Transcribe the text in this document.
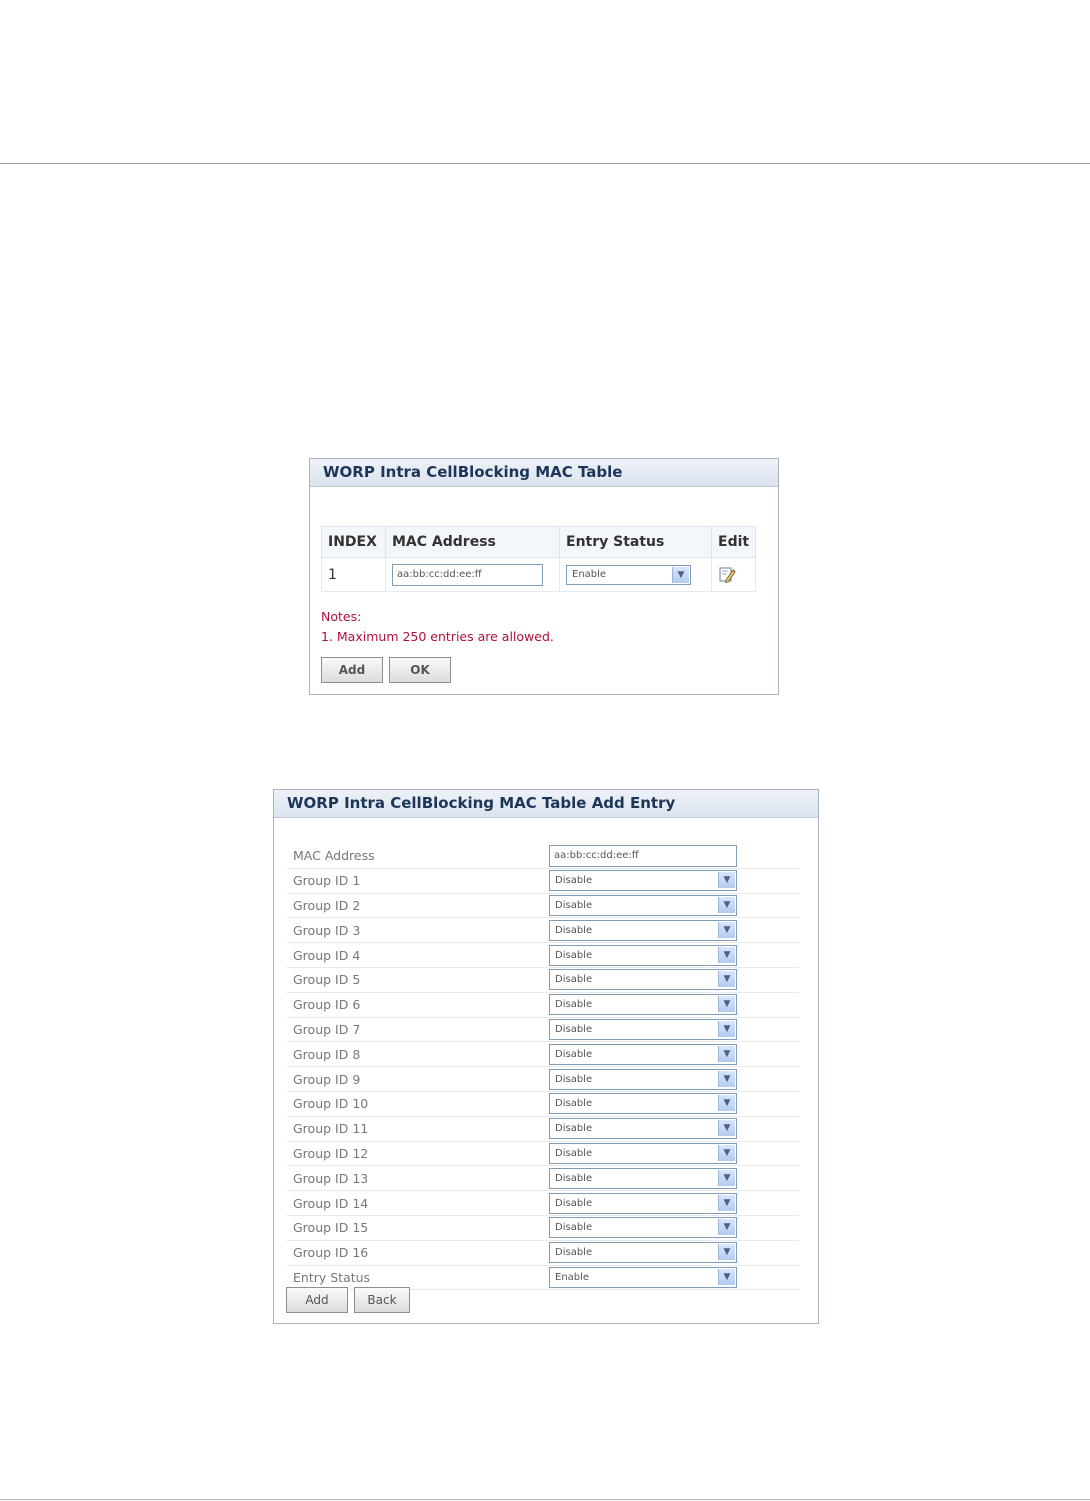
WORP Intra CellBlocking MAC Table
INDEX	MAC Address	Entry Status	Edit
1	aa:bb:cc:dd:ee:ff	Enable ▼

Notes:
1. Maximum 250 entries are allowed.
Add	OK
WORP Intra CellBlocking MAC Table Add Entry
MAC Address	aa:bb:cc:dd:ee:ff

Group ID 1	Disable ▼

Group ID 2	Disable ▼

Group ID 3	Disable ▼

Group ID 4	Disable ▼

Group ID 5	Disable ▼

Group ID 6	Disable ▼

Group ID 7	Disable ▼

Group ID 8	Disable ▼

Group ID 9	Disable ▼

Group ID 10	Disable ▼

Group ID 11	Disable ▼

Group ID 12	Disable ▼

Group ID 13	Disable ▼

Group ID 14	Disable ▼

Group ID 15	Disable ▼

Group ID 16	Disable ▼

Entry Status	Enable ▼
Add	Back
